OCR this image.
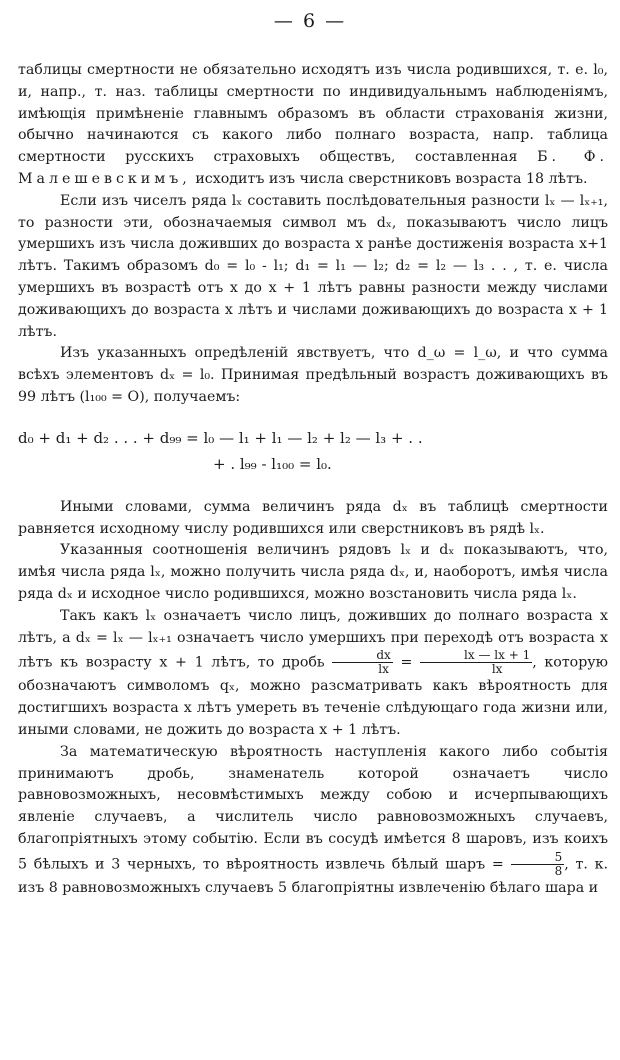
— 6 —

таблицы смертности не обязательно исходятъ изъ числа родившихся, т. е. l₀, и, напр., т. наз. таблицы смертности по индивидуальнымъ наблюденіямъ, имѣющія примѣненіе главнымъ образомъ въ области страхованія жизни, обычно начинаются съ какого либо полнаго возраста, напр. таблица смертности русскихъ страховыхъ обществъ, составленная Б. Ф. Малешевскимъ, исходитъ изъ числа сверстниковъ возраста 18 лѣтъ.

Если изъ чиселъ ряда lₓ составить послѣдовательныя разности lₓ — lₓ₊₁, то разности эти, обозначаемыя символ мъ dₓ, показываютъ число лицъ умершихъ изъ числа доживших до возраста x ранѣе достиженія возраста x+1 лѣтъ. Такимъ образомъ d₀ = l₀ - l₁; d₁ = l₁ — l₂; d₂ = l₂ — l₃ . . , т. е. числа умершихъ въ возрастѣ отъ x до x + 1 лѣтъ равны разности между числами доживающихъ до возраста x лѣтъ и числами доживающихъ до возраста x + 1 лѣтъ.

Изъ указанныхъ опредѣленій явствуетъ, что d_ω = l_ω, и что сумма всѣхъ элементовъ dₓ = l₀. Принимая предѣльный возрастъ доживающихъ въ 99 лѣтъ (l₁₀₀ = O), получаемъ:

d₀ + d₁ + d₂ . . . + d₉₉ = l₀ — l₁ + l₁ — l₂ + l₂ — l₃ + . .
+ . l₉₉ - l₁₀₀ = l₀.

Иными словами, сумма величинъ ряда dₓ въ таблицѣ смертности равняется исходному числу родившихся или сверстниковъ въ рядѣ lₓ.

Указанныя соотношенія величинъ рядовъ lₓ и dₓ показываютъ, что, имѣя числа ряда lₓ, можно получить числа ряда dₓ, и, наоборотъ, имѣя числа ряда dₓ и исходное число родившихся, можно возстановить числа ряда lₓ.

Такъ какъ lₓ означаетъ число лицъ, доживших до полнаго возраста x лѣтъ, а dₓ = lₓ — lₓ₊₁ означаетъ число умершихъ при переходѣ отъ возраста x лѣтъ къ возрасту x + 1 лѣтъ, то дробь $\frac{dx}{lx} = \frac{lx — lx + 1}{lx}$ , которую обозначаютъ символомъ qₓ, можно разсматривать какъ вѣроятность для достигшихъ возраста x лѣтъ умереть въ теченіе слѣдующаго года жизни или, иными словами, не дожить до возраста x + 1 лѣтъ.

За математическую вѣроятность наступленія какого либо событія принимаютъ дробь, знаменатель которой означаетъ число равновозможныхъ, несовмѣстимыхъ между собою и исчерпывающихъ явленіе случаевъ, а числитель число равновозможныхъ случаевъ, благопріятныхъ этому событію. Если въ сосудѣ имѣется 8 шаровъ, изъ коихъ 5 бѣлыхъ и 3 черныхъ, то вѣроятность извлечь бѣлый шаръ = $\frac{5}{8}$ , т. к. изъ 8 равновозможныхъ случаевъ 5 благопріятны извлеченію бѣлаго шара и
